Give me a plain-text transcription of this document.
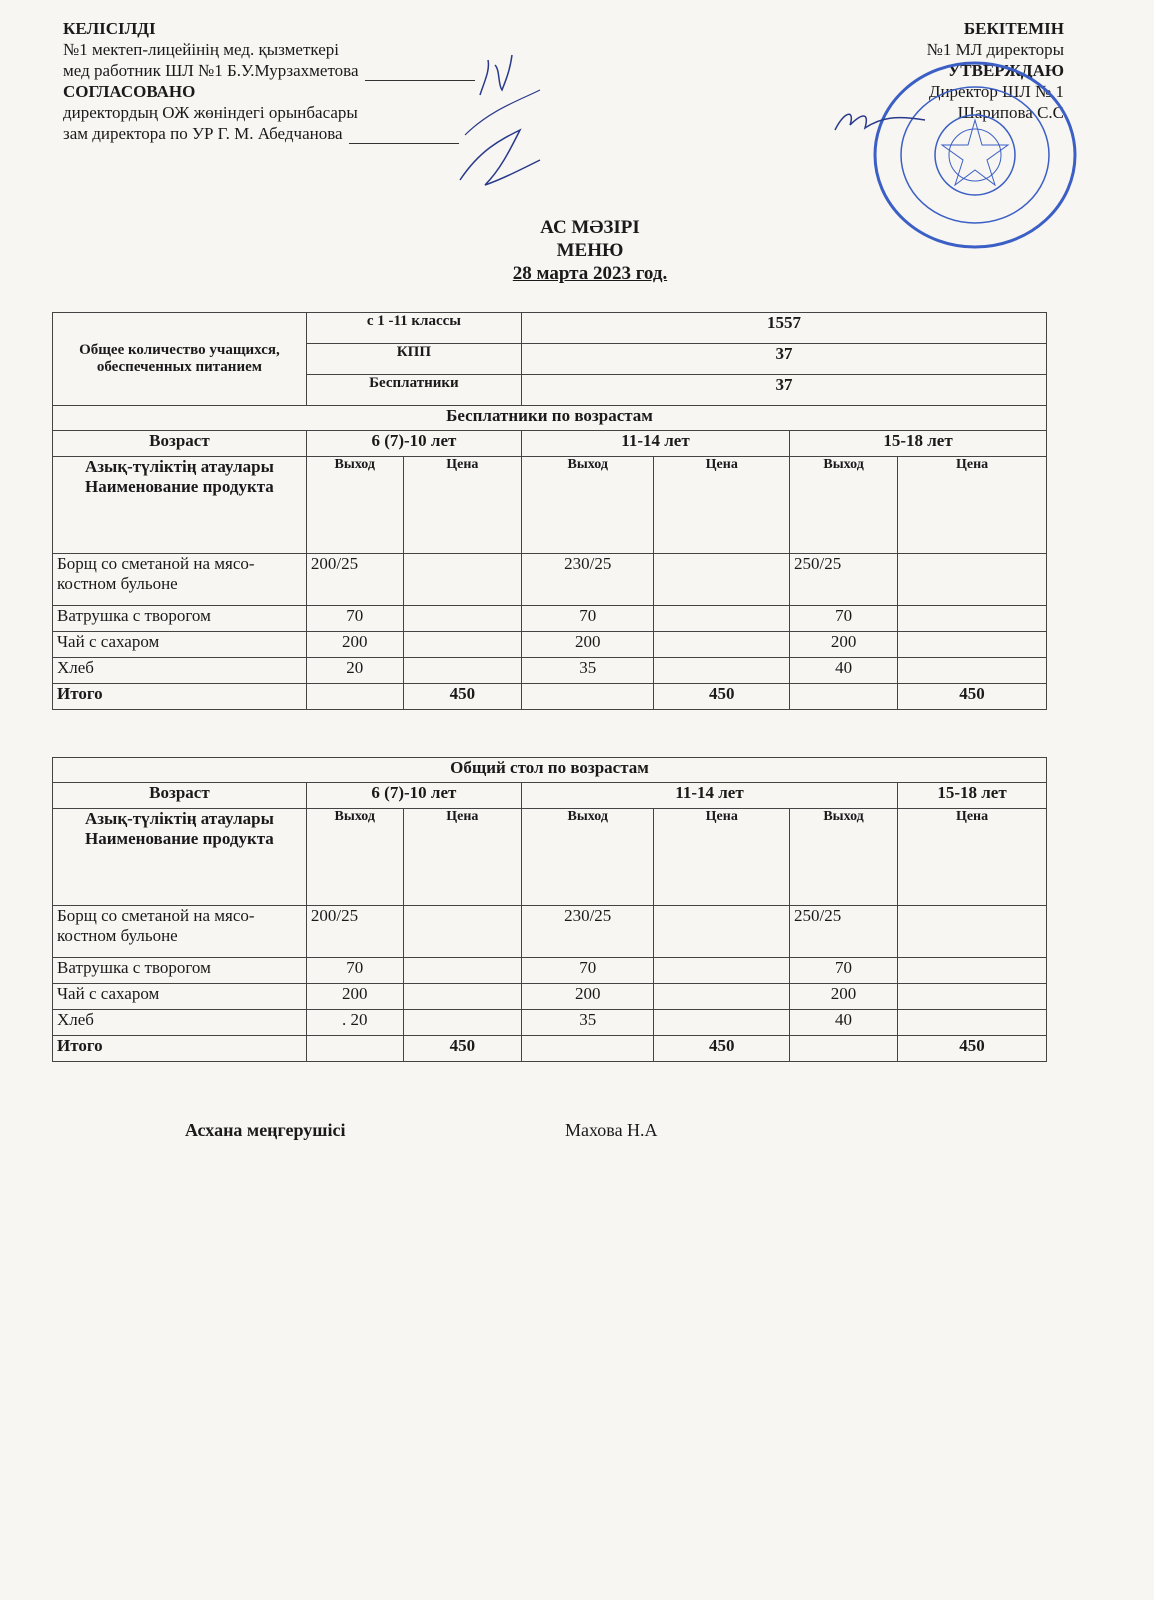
КЕЛІСІЛДІ
№1 мектеп-лицейінің мед. қызметкері
мед работник ШЛ №1 Б.У.Мурзахметова
СОГЛАСОВАНО
директордың ОЖ жөніндегі орынбасары
зам директора по УР Г. М. Абедчанова
БЕКІТЕМІН
№1 МЛ директоры
УТВЕРЖДАЮ
Директор ШЛ № 1
Шарипова С.С
АС МӘЗІРІ
МЕНЮ
28 марта 2023 год.
Общее количество учащихся, обеспеченных питанием	с 1 -11 классы		1557			
	КПП		37			
	Бесплатники		37			
Бесплатники по возрастам						
Возраст	6 (7)-10 лет		11-14 лет		15-18 лет	
Азық-түліктің атаулары Наименование продукта	Выход	Цена	Выход	Цена	Выход	Цена
Борщ со сметаной на мясо-костном бульоне	200/25		230/25		250/25	
Ватрушка с творогом	70		70		70	
Чай с сахаром	200		200		200	
Хлеб	20		35		40	
Итого		450		450		450
Общий стол по возрастам						
Возраст	6 (7)-10 лет		11-14 лет			15-18 лет
Азық-түліктің атаулары Наименование продукта	Выход	Цена	Выход	Цена	Выход	Цена
Борщ со сметаной на мясо-костном бульоне	200/25		230/25		250/25	
Ватрушка с творогом	70		70		70	
Чай с сахаром	200		200		200	
Хлеб	. 20		35		40	
Итого		450		450		450
Асхана меңгерушісі	Махова Н.А
